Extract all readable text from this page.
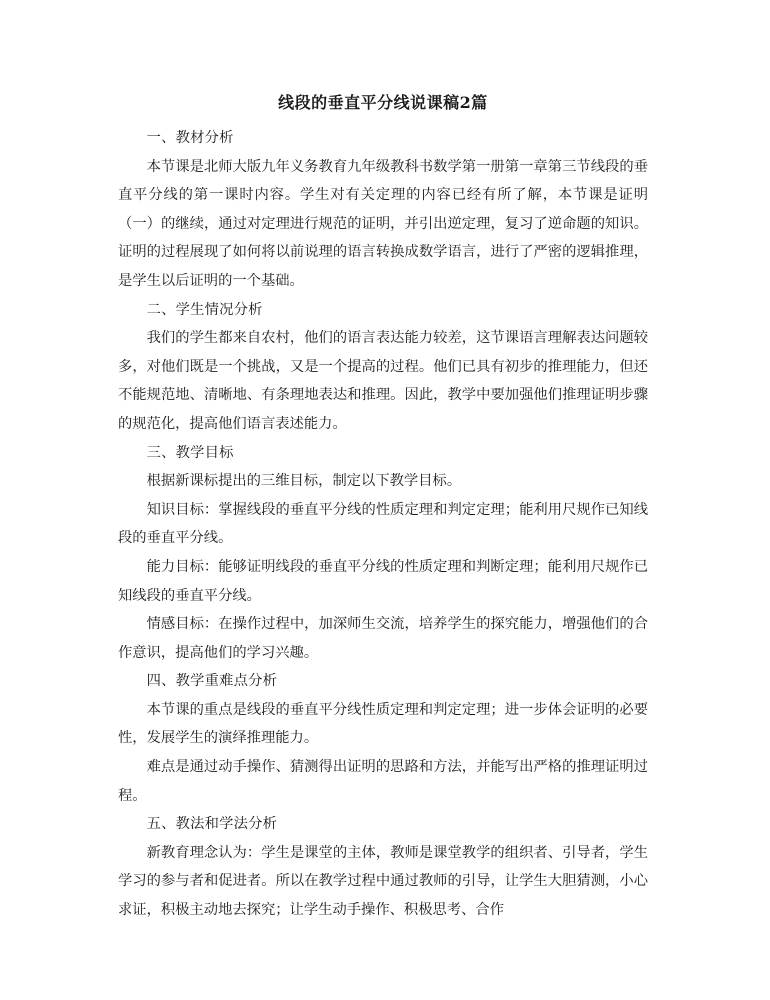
线段的垂直平分线说课稿2篇

一、教材分析

本节课是北师大版九年义务教育九年级教科书数学第一册第一章第三节线段的垂直平分线的第一课时内容。学生对有关定理的内容已经有所了解，本节课是证明（一）的继续，通过对定理进行规范的证明，并引出逆定理，复习了逆命题的知识。证明的过程展现了如何将以前说理的语言转换成数学语言，进行了严密的逻辑推理，是学生以后证明的一个基础。

二、学生情况分析

我们的学生都来自农村，他们的语言表达能力较差，这节课语言理解表达问题较多，对他们既是一个挑战，又是一个提高的过程。他们已具有初步的推理能力，但还不能规范地、清晰地、有条理地表达和推理。因此，教学中要加强他们推理证明步骤的规范化，提高他们语言表述能力。

三、教学目标

根据新课标提出的三维目标，制定以下教学目标。

知识目标：掌握线段的垂直平分线的性质定理和判定定理；能利用尺规作已知线段的垂直平分线。

能力目标：能够证明线段的垂直平分线的性质定理和判断定理；能利用尺规作已知线段的垂直平分线。

情感目标：在操作过程中，加深师生交流，培养学生的探究能力，增强他们的合作意识，提高他们的学习兴趣。

四、教学重难点分析

本节课的重点是线段的垂直平分线性质定理和判定定理；进一步体会证明的必要性，发展学生的演绎推理能力。

难点是通过动手操作、猜测得出证明的思路和方法，并能写出严格的推理证明过程。

五、教法和学法分析

新教育理念认为：学生是课堂的主体，教师是课堂教学的组织者、引导者，学生学习的参与者和促进者。所以在教学过程中通过教师的引导，让学生大胆猜测，小心求证，积极主动地去探究；让学生动手操作、积极思考、合作
